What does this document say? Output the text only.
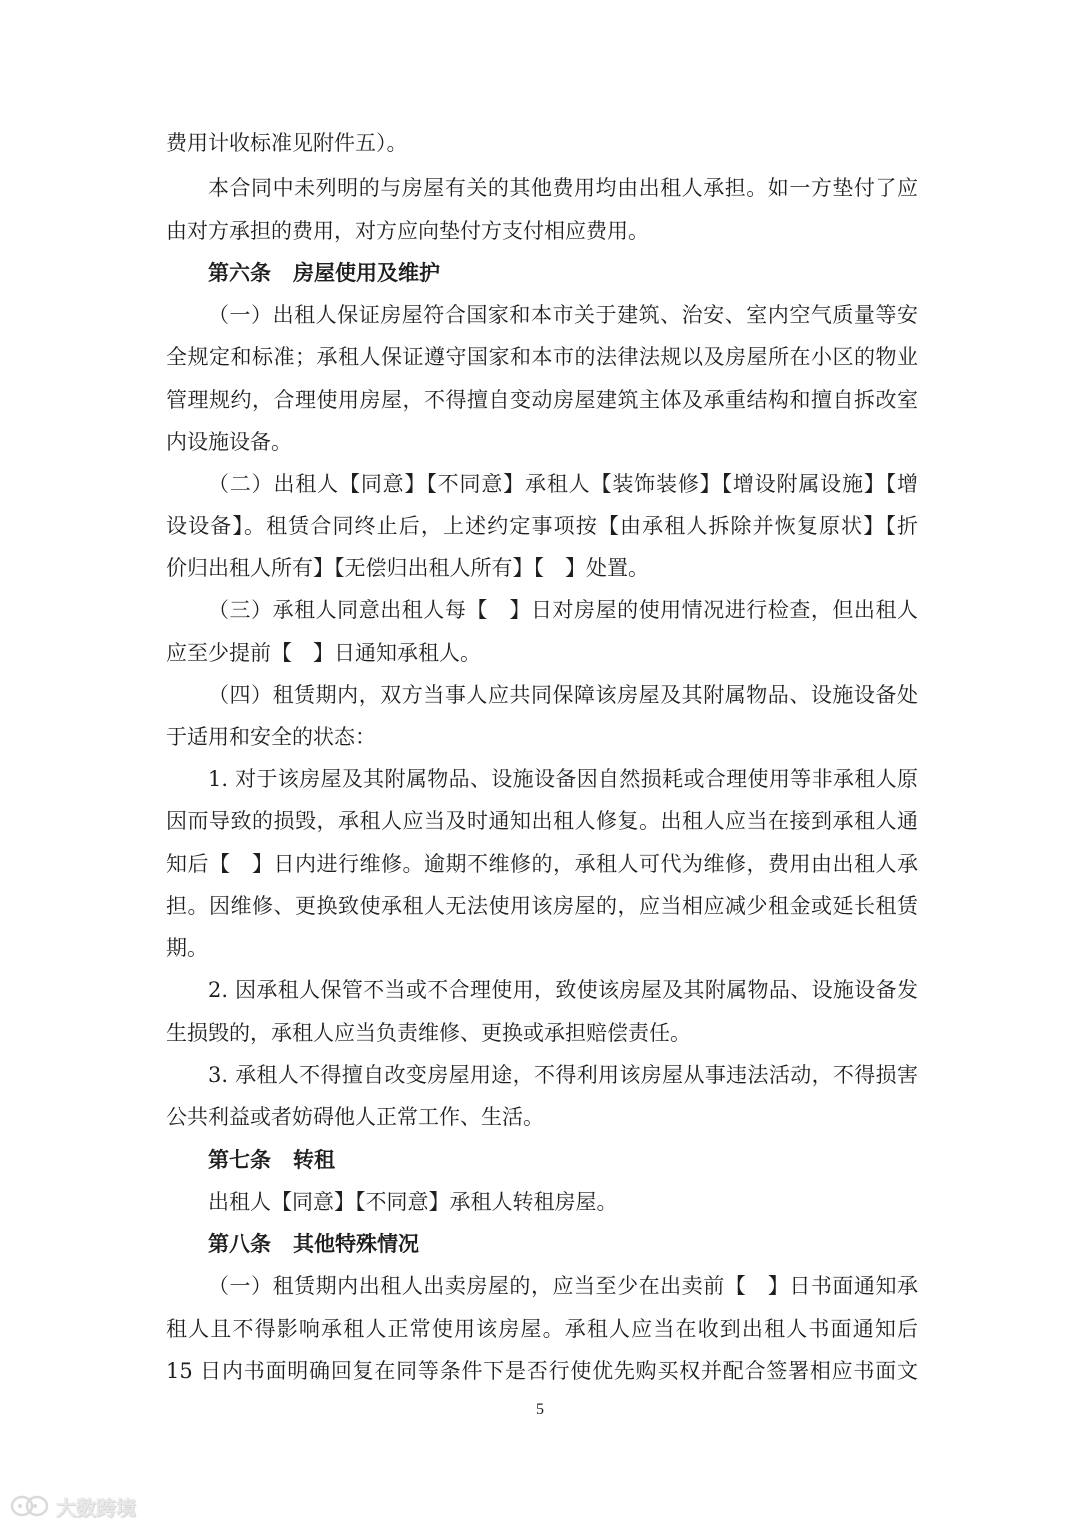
费用计收标准见附件五）。
本合同中未列明的与房屋有关的其他费用均由出租人承担。如一方垫付了应
由对方承担的费用，对方应向垫付方支付相应费用。
第六条 房屋使用及维护
（一）出租人保证房屋符合国家和本市关于建筑、治安、室内空气质量等安
全规定和标准；承租人保证遵守国家和本市的法律法规以及房屋所在小区的物业
管理规约，合理使用房屋，不得擅自变动房屋建筑主体及承重结构和擅自拆改室
内设施设备。
（二）出租人【同意】【不同意】承租人【装饰装修】【增设附属设施】【增
设设备】。租赁合同终止后，上述约定事项按【由承租人拆除并恢复原状】【折
价归出租人所有】【无偿归出租人所有】【　】处置。
（三）承租人同意出租人每【　】日对房屋的使用情况进行检查，但出租人
应至少提前【　】日通知承租人。
（四）租赁期内，双方当事人应共同保障该房屋及其附属物品、设施设备处
于适用和安全的状态：
1. 对于该房屋及其附属物品、设施设备因自然损耗或合理使用等非承租人原
因而导致的损毁，承租人应当及时通知出租人修复。出租人应当在接到承租人通
知后【　】日内进行维修。逾期不维修的，承租人可代为维修，费用由出租人承
担。因维修、更换致使承租人无法使用该房屋的，应当相应减少租金或延长租赁
期。
2. 因承租人保管不当或不合理使用，致使该房屋及其附属物品、设施设备发
生损毁的，承租人应当负责维修、更换或承担赔偿责任。
3. 承租人不得擅自改变房屋用途，不得利用该房屋从事违法活动，不得损害
公共利益或者妨碍他人正常工作、生活。
第七条 转租
出租人【同意】【不同意】承租人转租房屋。
第八条 其他特殊情况
（一）租赁期内出租人出卖房屋的，应当至少在出卖前【　】日书面通知承
租人且不得影响承租人正常使用该房屋。承租人应当在收到出租人书面通知后
15 日内书面明确回复在同等条件下是否行使优先购买权并配合签署相应书面文
5
大数跨境
